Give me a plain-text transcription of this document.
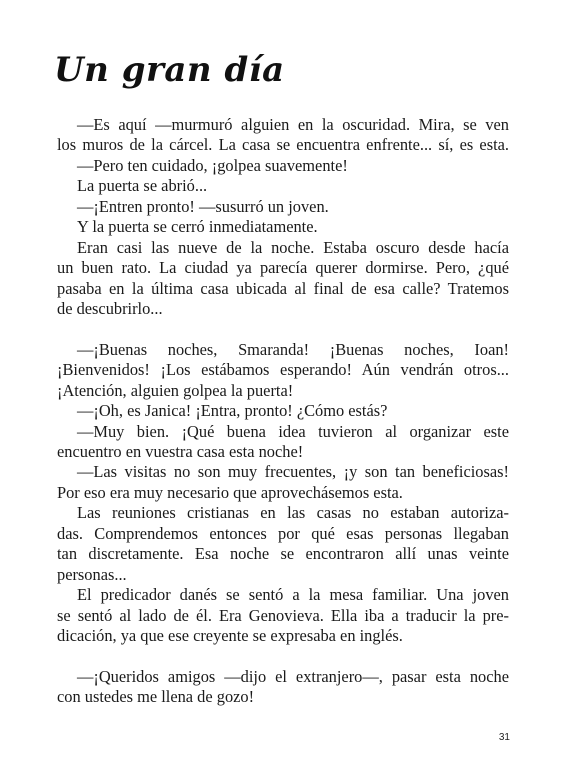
Un gran día
—Es aquí —murmuró alguien en la oscuridad. Mira, se ven
los muros de la cárcel. La casa se encuentra enfrente... sí, es esta.
—Pero ten cuidado, ¡golpea suavemente!
La puerta se abrió...
—¡Entren pronto! —susurró un joven.
Y la puerta se cerró inmediatamente.
Eran casi las nueve de la noche. Estaba oscuro desde hacía
un buen rato. La ciudad ya parecía querer dormirse. Pero, ¿qué
pasaba en la última casa ubicada al final de esa calle? Tratemos
de descubrirlo...
—¡Buenas noches, Smaranda! ¡Buenas noches, Ioan!
¡Bienvenidos! ¡Los estábamos esperando! Aún vendrán otros...
¡Atención, alguien golpea la puerta!
—¡Oh, es Janica! ¡Entra, pronto! ¿Cómo estás?
—Muy bien. ¡Qué buena idea tuvieron al organizar este
encuentro en vuestra casa esta noche!
—Las visitas no son muy frecuentes, ¡y son tan beneficiosas!
Por eso era muy necesario que aprovechásemos esta.
Las reuniones cristianas en las casas no estaban autoriza-
das. Comprendemos entonces por qué esas personas llegaban
tan discretamente. Esa noche se encontraron allí unas veinte
personas...
El predicador danés se sentó a la mesa familiar. Una joven
se sentó al lado de él. Era Genovieva. Ella iba a traducir la pre-
dicación, ya que ese creyente se expresaba en inglés.
—¡Queridos amigos —dijo el extranjero—, pasar esta noche
con ustedes me llena de gozo!
31
